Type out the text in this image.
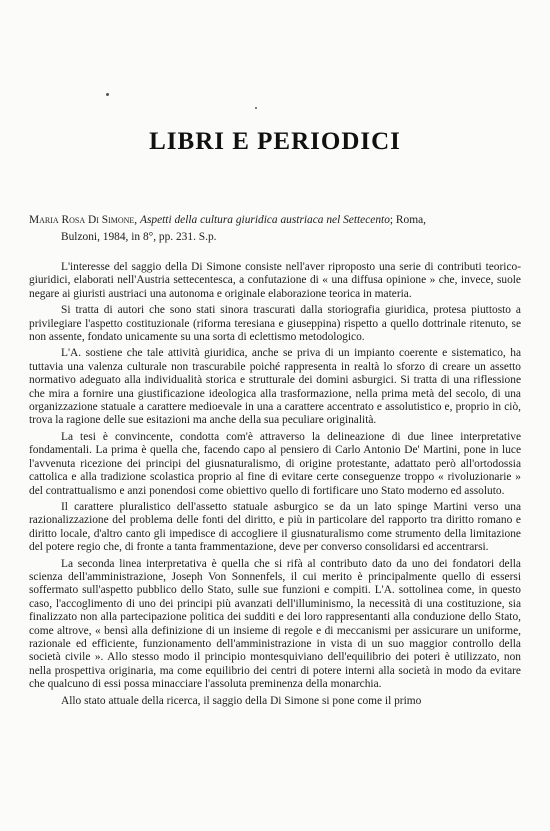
LIBRI E PERIODICI
Maria Rosa Di Simone, Aspetti della cultura giuridica austriaca nel Settecento; Roma,
Bulzoni, 1984, in 8°, pp. 231. S.p.

L'interesse del saggio della Di Simone consiste nell'aver riproposto una serie di contributi teorico-giuridici, elaborati nell'Austria settecentesca, a confutazione di « una diffusa opinione » che, invece, suole negare ai giuristi austriaci una autonoma e originale elaborazione teorica in materia.

Si tratta di autori che sono stati sinora trascurati dalla storiografia giuridica, protesa piuttosto a privilegiare l'aspetto costituzionale (riforma teresiana e giuseppina) rispetto a quello dottrinale ritenuto, se non assente, fondato unicamente su una sorta di eclettismo metodologico.

L'A. sostiene che tale attività giuridica, anche se priva di un impianto coerente e sistematico, ha tuttavia una valenza culturale non trascurabile poiché rappresenta in realtà lo sforzo di creare un assetto normativo adeguato alla individualità storica e strutturale dei domini asburgici. Si tratta di una riflessione che mira a fornire una giustificazione ideologica alla trasformazione, nella prima metà del secolo, di una organizzazione statuale a carattere medioevale in una a carattere accentrato e assolutistico e, proprio in ciò, trova la ragione delle sue esitazioni ma anche della sua peculiare originalità.

La tesi è convincente, condotta com'è attraverso la delineazione di due linee interpretative fondamentali. La prima è quella che, facendo capo al pensiero di Carlo Antonio De' Martini, pone in luce l'avvenuta ricezione dei principi del giusnaturalismo, di origine protestante, adattato però all'ortodossia cattolica e alla tradizione scolastica proprio al fine di evitare certe conseguenze troppo « rivoluzionarie » del contrattualismo e anzi ponendosi come obiettivo quello di fortificare uno Stato moderno ed assoluto.

Il carattere pluralistico dell'assetto statuale asburgico se da un lato spinge Martini verso una razionalizzazione del problema delle fonti del diritto, e più in particolare del rapporto tra diritto romano e diritto locale, d'altro canto gli impedisce di accogliere il giusnaturalismo come strumento della limitazione del potere regio che, di fronte a tanta frammentazione, deve per converso consolidarsi ed accentrarsi.

La seconda linea interpretativa è quella che si rifà al contributo dato da uno dei fondatori della scienza dell'amministrazione, Joseph Von Sonnenfels, il cui merito è principalmente quello di essersi soffermato sull'aspetto pubblico dello Stato, sulle sue funzioni e compiti. L'A. sottolinea come, in questo caso, l'accoglimento di uno dei principi più avanzati dell'illuminismo, la necessità di una costituzione, sia finalizzato non alla partecipazione politica dei sudditi e dei loro rappresentanti alla conduzione dello Stato, come altrove, « bensì alla definizione di un insieme di regole e di meccanismi per assicurare un uniforme, razionale ed efficiente, funzionamento dell'amministrazione in vista di un suo maggior controllo della società civile ». Allo stesso modo il principio montesquiviano dell'equilibrio dei poteri è utilizzato, non nella prospettiva originaria, ma come equilibrio dei centri di potere interni alla società in modo da evitare che qualcuno di essi possa minacciare l'assoluta preminenza della monarchia.

Allo stato attuale della ricerca, il saggio della Di Simone si pone come il primo
